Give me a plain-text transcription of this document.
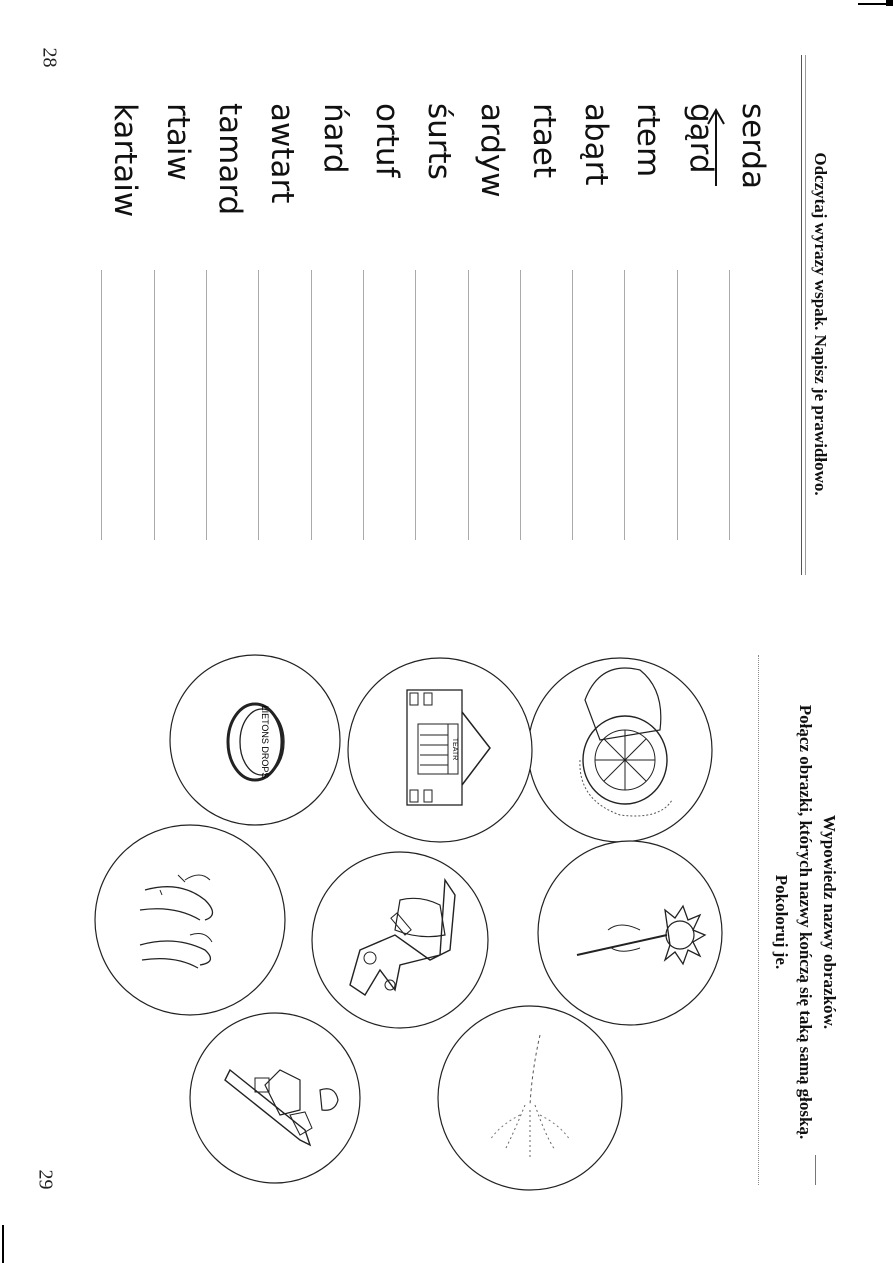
28
29
Odczytaj wyrazy wspak. Napisz je prawidłowo.
serda
gąrd
rtem
abąrt
rtaet
ardyw
śurts
ortuf
ńard
awtart
tamard
rtaiw
kartaiw
Wypowiedz nazwy obrazków.
Połącz obrazki, których nazwy kończą się taką samą głoską.
Pokoloruj je.
TEATR
LIETONS DROPS
